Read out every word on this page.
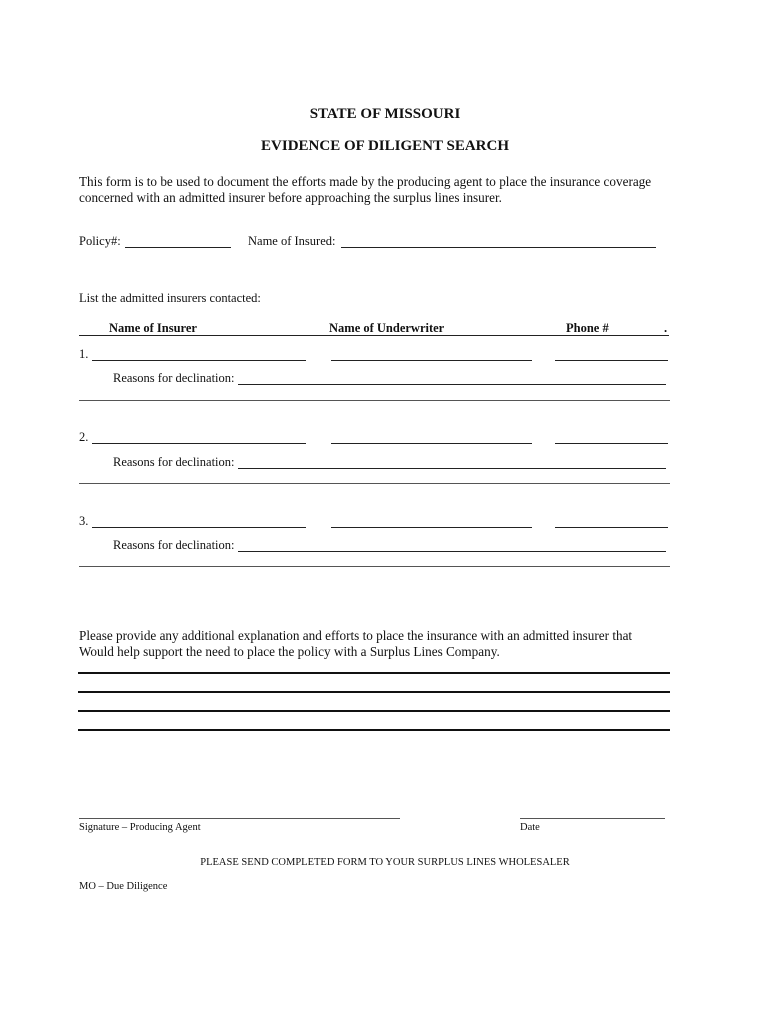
STATE OF MISSOURI
EVIDENCE OF DILIGENT SEARCH
This form is to be used to document the efforts made by the producing agent to place the insurance coverage
concerned with an admitted insurer before approaching the surplus lines insurer.
Policy#:	Name of Insured:
List the admitted insurers contacted:
Name of Insurer	Name of Underwriter	Phone #	.
1.
Reasons for declination:
2.
Reasons for declination:
3.
Reasons for declination:
Please provide any additional explanation and efforts to place the insurance with an admitted insurer that
Would help support the need to place the policy with a Surplus Lines Company.
Signature – Producing Agent	Date
PLEASE SEND COMPLETED FORM TO YOUR SURPLUS LINES WHOLESALER
MO – Due Diligence
